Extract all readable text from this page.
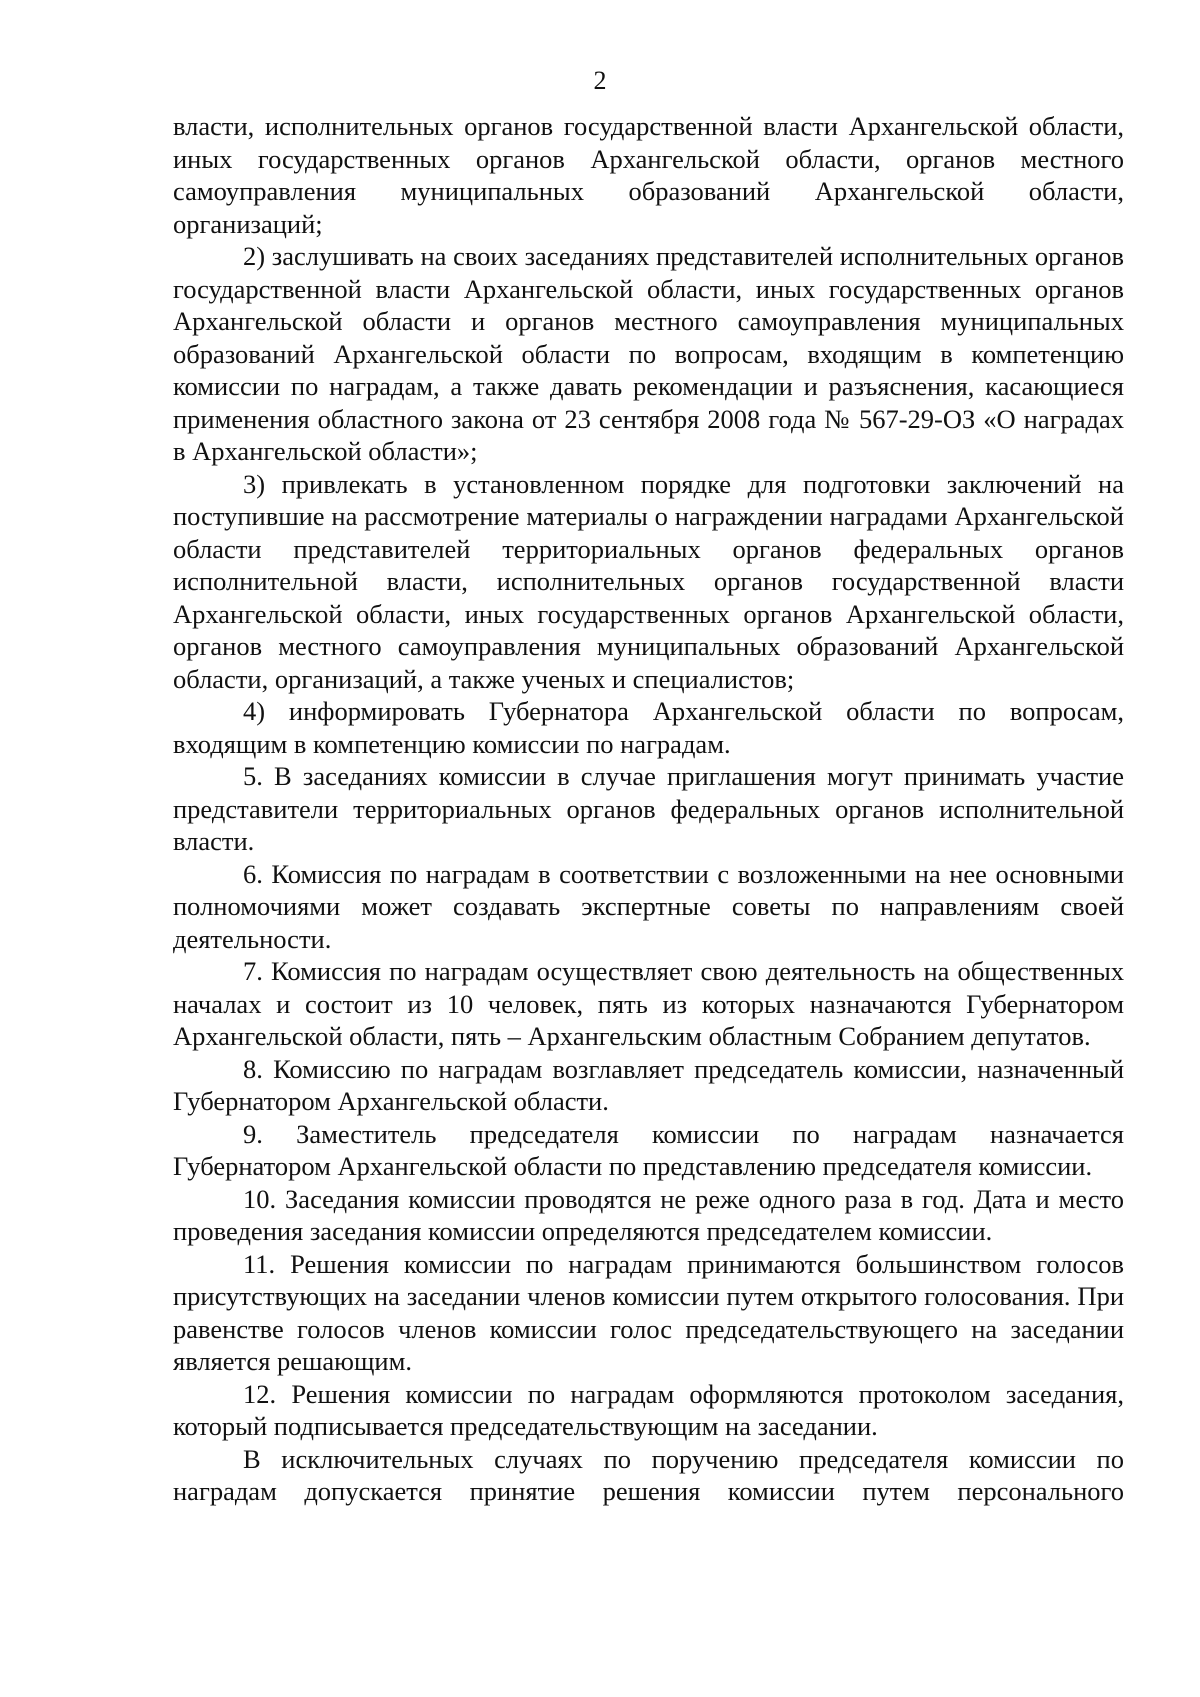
2

власти, исполнительных органов государственной власти Архангельской области, иных государственных органов Архангельской области, органов местного самоуправления муниципальных образований Архангельской области, организаций;

2) заслушивать на своих заседаниях представителей исполнительных органов государственной власти Архангельской области, иных государственных органов Архангельской области и органов местного самоуправления муниципальных образований Архангельской области по вопросам, входящим в компетенцию комиссии по наградам, а также давать рекомендации и разъяснения, касающиеся применения областного закона от 23 сентября 2008 года № 567-29-ОЗ «О наградах в Архангельской области»;

3) привлекать в установленном порядке для подготовки заключений на поступившие на рассмотрение материалы о награждении наградами Архангельской области представителей территориальных органов федеральных органов исполнительной власти, исполнительных органов государственной власти Архангельской области, иных государственных органов Архангельской области, органов местного самоуправления муниципальных образований Архангельской области, организаций, а также ученых и специалистов;

4) информировать Губернатора Архангельской области по вопросам, входящим в компетенцию комиссии по наградам.

5. В заседаниях комиссии в случае приглашения могут принимать участие представители территориальных органов федеральных органов исполнительной власти.

6. Комиссия по наградам в соответствии с возложенными на нее основными полномочиями может создавать экспертные советы по направлениям своей деятельности.

7. Комиссия по наградам осуществляет свою деятельность на общественных началах и состоит из 10 человек, пять из которых назначаются Губернатором Архангельской области, пять – Архангельским областным Собранием депутатов.

8. Комиссию по наградам возглавляет председатель комиссии, назначенный Губернатором Архангельской области.

9. Заместитель председателя комиссии по наградам назначается Губернатором Архангельской области по представлению председателя комиссии.

10. Заседания комиссии проводятся не реже одного раза в год. Дата и место проведения заседания комиссии определяются председателем комиссии.

11. Решения комиссии по наградам принимаются большинством голосов присутствующих на заседании членов комиссии путем открытого голосования. При равенстве голосов членов комиссии голос председательствующего на заседании является решающим.

12. Решения комиссии по наградам оформляются протоколом заседания, который подписывается председательствующим на заседании.

В исключительных случаях по поручению председателя комиссии по наградам допускается принятие решения комиссии путем персонального
